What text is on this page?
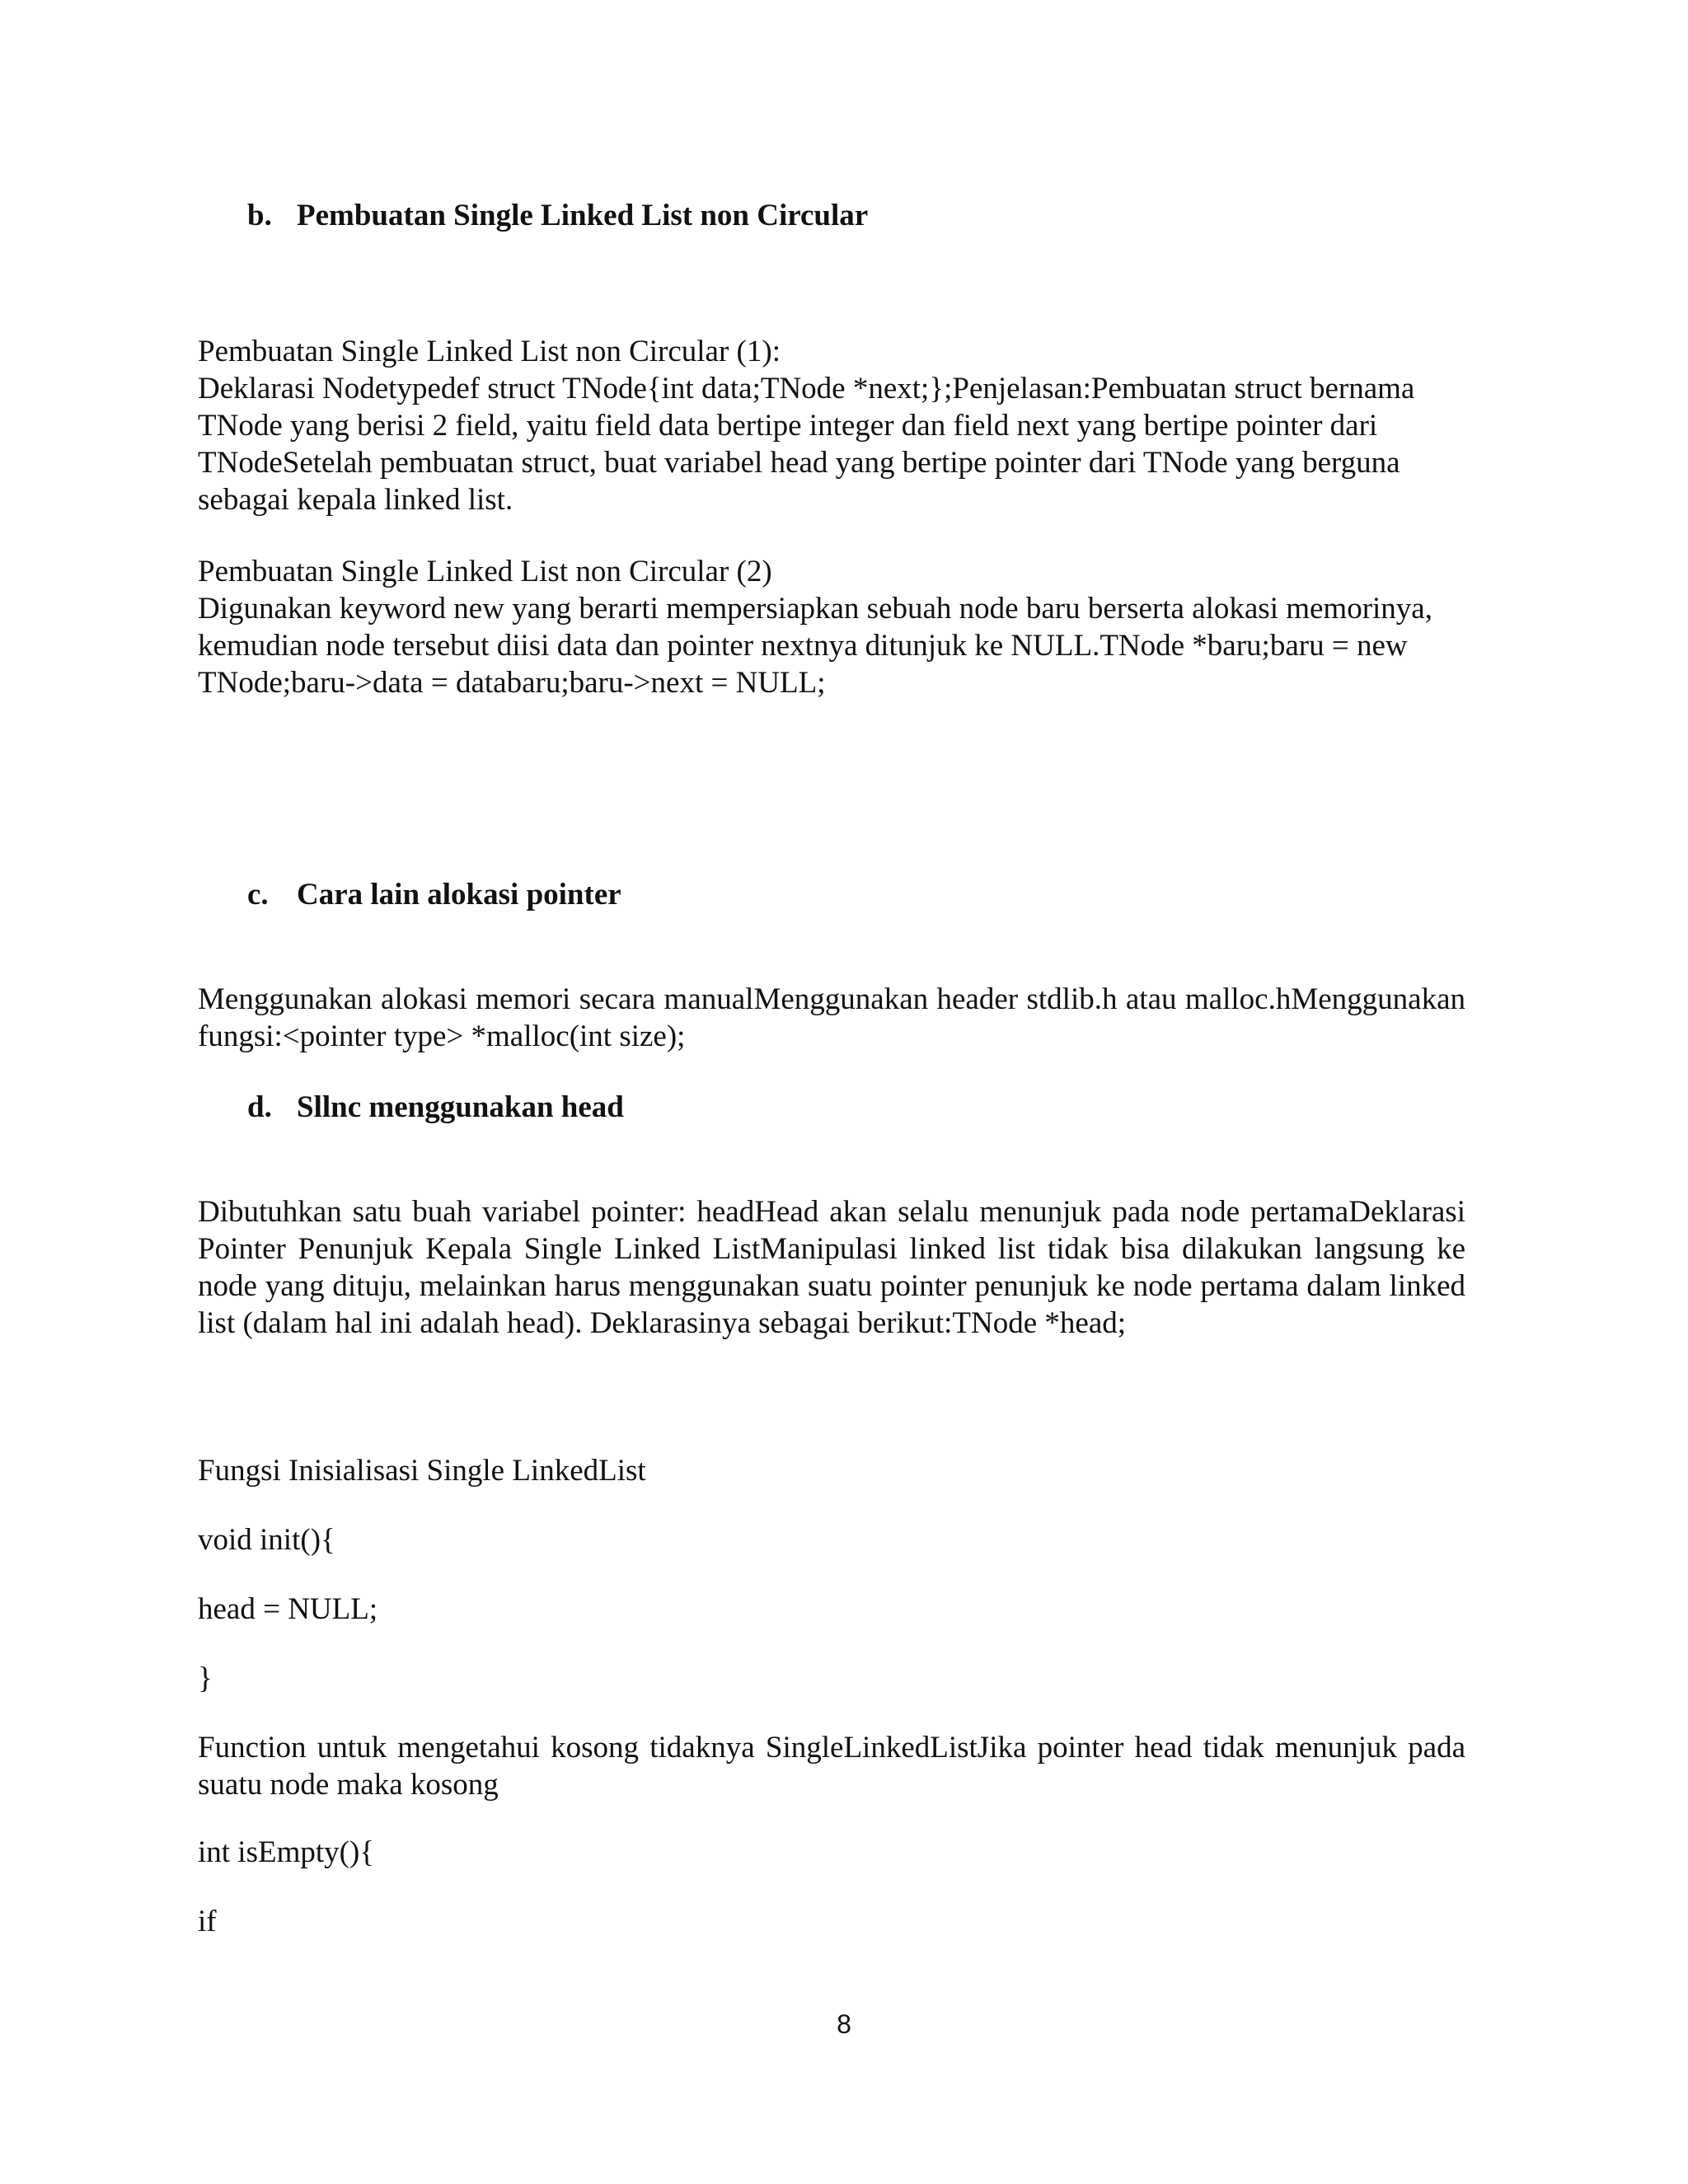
b. Pembuatan Single Linked List non Circular

Pembuatan Single Linked List non Circular (1):

Deklarasi Nodetypedef struct TNode{int data;TNode *next;};Penjelasan:Pembuatan struct bernama TNode yang berisi 2 field, yaitu field data bertipe integer dan field next yang bertipe pointer dari TNodeSetelah pembuatan struct, buat variabel head yang bertipe pointer dari TNode yang berguna sebagai kepala linked list.

Pembuatan Single Linked List non Circular (2)

Digunakan keyword new yang berarti mempersiapkan sebuah node baru berserta alokasi memorinya, kemudian node tersebut diisi data dan pointer nextnya ditunjuk ke NULL.TNode *baru;baru = new TNode;baru->data = databaru;baru->next = NULL;

c. Cara lain alokasi pointer

Menggunakan alokasi memori secara manualMenggunakan header stdlib.h atau malloc.hMenggunakan fungsi:<pointer type> *malloc(int size);

d. Sllnc menggunakan head

Dibutuhkan satu buah variabel pointer: headHead akan selalu menunjuk pada node pertamaDeklarasi Pointer Penunjuk Kepala Single Linked ListManipulasi linked list tidak bisa dilakukan langsung ke node yang dituju, melainkan harus menggunakan suatu pointer penunjuk ke node pertama dalam linked list (dalam hal ini adalah head). Deklarasinya sebagai berikut:TNode *head;

Fungsi Inisialisasi Single LinkedList
void init(){
head = NULL;
}

Function untuk mengetahui kosong tidaknya SingleLinkedListJika pointer head tidak menunjuk pada suatu node maka kosong

int isEmpty(){
if
8
